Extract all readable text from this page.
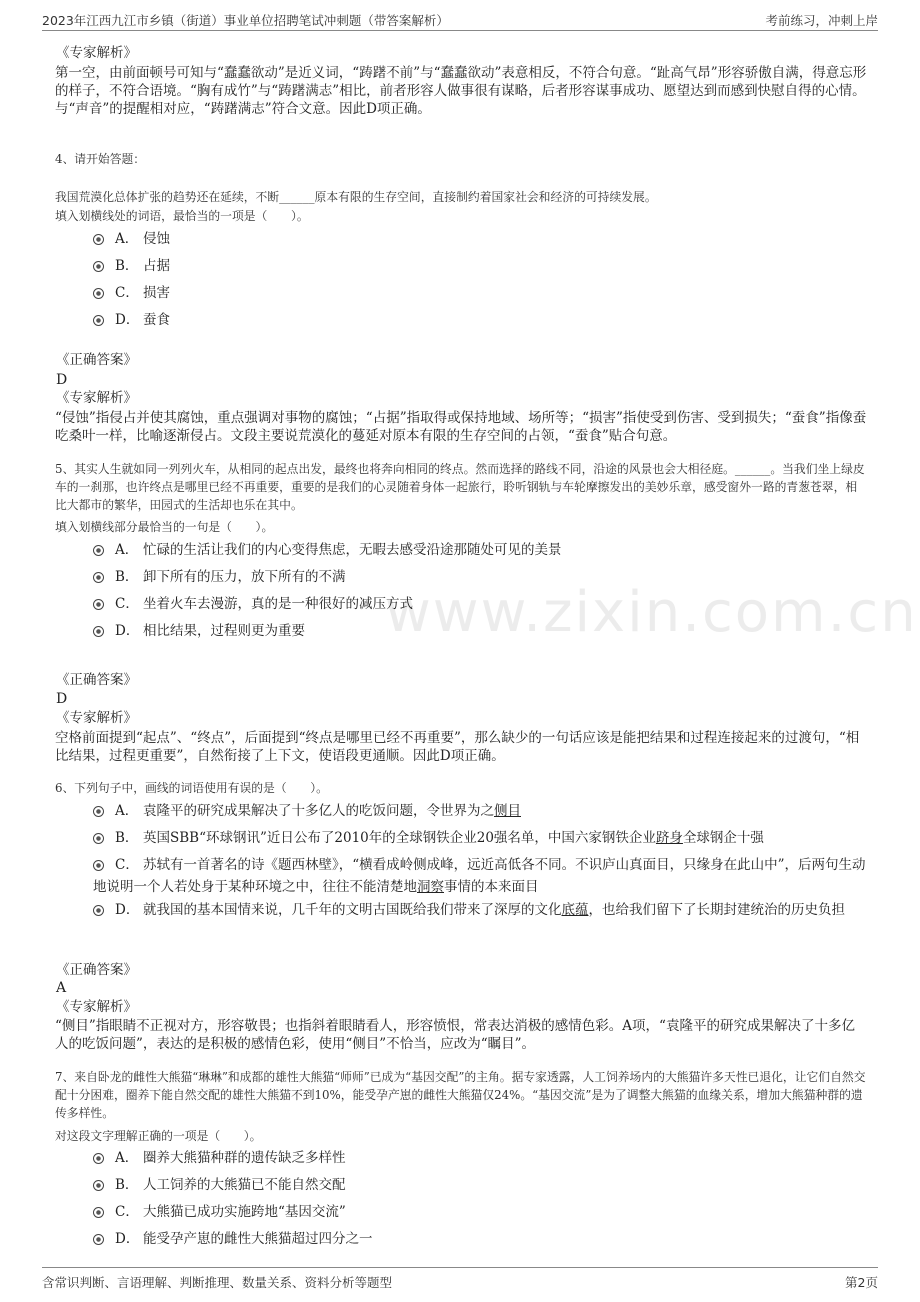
2023年江西九江市乡镇（街道）事业单位招聘笔试冲刺题（带答案解析）	考前练习，冲刺上岸
www.zixin.com.cn

《专家解析》

第一空，由前面顿号可知与“蠢蠢欲动”是近义词，“踌躇不前”与“蠢蠢欲动”表意相反，不符合句意。“趾高气昂”形容骄傲自满，得意忘形的样子，不符合语境。“胸有成竹”与“踌躇满志”相比，前者形容人做事很有谋略，后者形容谋事成功、愿望达到而感到快慰自得的心情。与“声音”的提醒相对应，“踌躇满志”符合文意。因此D项正确。

4、请开始答题：

我国荒漠化总体扩张的趋势还在延续，不断______原本有限的生存空间，直接制约着国家社会和经济的可持续发展。

填入划横线处的词语，最恰当的一项是（　　）。

A． 侵蚀
B． 占据
C． 损害
D． 蚕食

《正确答案》

D

《专家解析》

“侵蚀”指侵占并使其腐蚀，重点强调对事物的腐蚀；“占据”指取得或保持地域、场所等；“损害”指使受到伤害、受到损失；“蚕食”指像蚕吃桑叶一样，比喻逐渐侵占。文段主要说荒漠化的蔓延对原本有限的生存空间的占领，“蚕食”贴合句意。

5、其实人生就如同一列列火车，从相同的起点出发，最终也将奔向相同的终点。然而选择的路线不同，沿途的风景也会大相径庭。______。当我们坐上绿皮车的一刹那，也许终点是哪里已经不再重要，重要的是我们的心灵随着身体一起旅行，聆听钢轨与车轮摩擦发出的美妙乐章，感受窗外一路的青葱苍翠，相比大都市的繁华，田园式的生活却也乐在其中。

填入划横线部分最恰当的一句是（　　）。

A． 忙碌的生活让我们的内心变得焦虑，无暇去感受沿途那随处可见的美景
B． 卸下所有的压力，放下所有的不满
C． 坐着火车去漫游，真的是一种很好的减压方式
D． 相比结果，过程则更为重要

《正确答案》

D

《专家解析》

空格前面提到“起点”、“终点”，后面提到“终点是哪里已经不再重要”，那么缺少的一句话应该是能把结果和过程连接起来的过渡句，“相比结果，过程更重要”，自然衔接了上下文，使语段更通顺。因此D项正确。

6、下列句子中，画线的词语使用有误的是（　　）。

A． 袁隆平的研究成果解决了十多亿人的吃饭问题，令世界为之侧目
B． 英国SBB“环球钢讯”近日公布了2010年的全球钢铁企业20强名单，中国六家钢铁企业跻身全球钢企十强
C． 苏轼有一首著名的诗《题西林壁》，“横看成岭侧成峰，远近高低各不同。不识庐山真面目，只缘身在此山中”，后两句生动地说明一个人若处身于某种环境之中，往往不能清楚地洞察事情的本来面目
D． 就我国的基本国情来说，几千年的文明古国既给我们带来了深厚的文化底蕴，也给我们留下了长期封建统治的历史负担

《正确答案》

A

《专家解析》

“侧目”指眼睛不正视对方，形容敬畏；也指斜着眼睛看人，形容愤恨，常表达消极的感情色彩。A项，“袁隆平的研究成果解决了十多亿人的吃饭问题”，表达的是积极的感情色彩，使用“侧目”不恰当，应改为“瞩目”。

7、来自卧龙的雌性大熊猫“琳琳”和成都的雄性大熊猫“师师”已成为“基因交配”的主角。据专家透露，人工饲养场内的大熊猫许多天性已退化，让它们自然交配十分困难，圈养下能自然交配的雄性大熊猫不到10%，能受孕产崽的雌性大熊猫仅24%。“基因交流”是为了调整大熊猫的血缘关系，增加大熊猫种群的遗传多样性。

对这段文字理解正确的一项是（　　）。

A． 圈养大熊猫种群的遗传缺乏多样性
B． 人工饲养的大熊猫已不能自然交配
C． 大熊猫已成功实施跨地“基因交流”
D． 能受孕产崽的雌性大熊猫超过四分之一
含常识判断、言语理解、判断推理、数量关系、资料分析等题型	第2页
